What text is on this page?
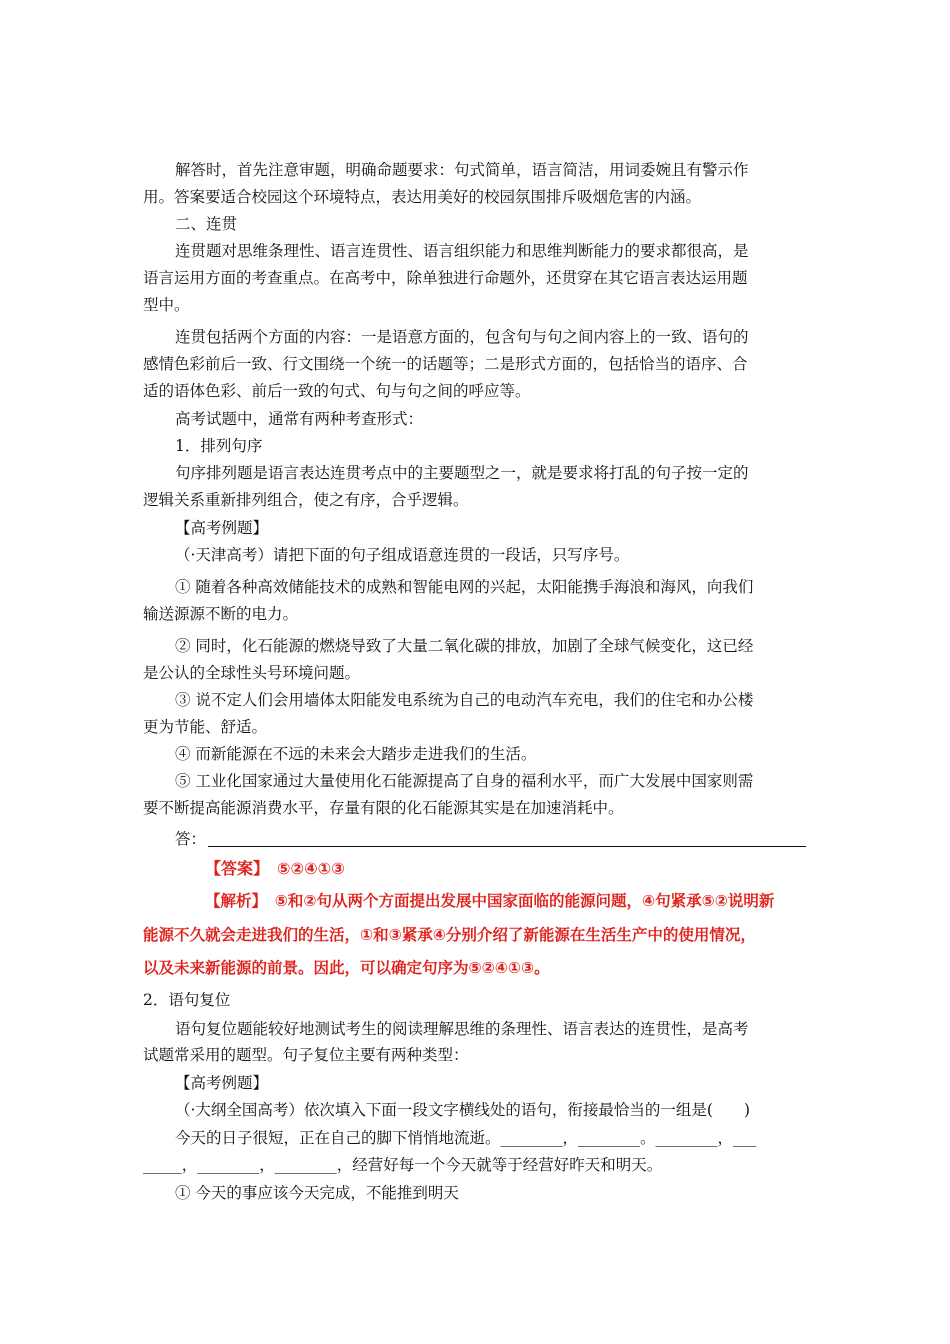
解答时，首先注意审题，明确命题要求：句式简单，语言简洁，用词委婉且有警示作
用。答案要适合校园这个环境特点，表达用美好的校园氛围排斥吸烟危害的内涵。
二、连贯
连贯题对思维条理性、语言连贯性、语言组织能力和思维判断能力的要求都很高，是
语言运用方面的考查重点。在高考中，除单独进行命题外，还贯穿在其它语言表达运用题
型中。
连贯包括两个方面的内容：一是语意方面的，包含句与句之间内容上的一致、语句的
感情色彩前后一致、行文围绕一个统一的话题等；二是形式方面的，包括恰当的语序、合
适的语体色彩、前后一致的句式、句与句之间的呼应等。
高考试题中，通常有两种考查形式：
1．排列句序
句序排列题是语言表达连贯考点中的主要题型之一，就是要求将打乱的句子按一定的
逻辑关系重新排列组合，使之有序，合乎逻辑。
【高考例题】
（·天津高考）请把下面的句子组成语意连贯的一段话，只写序号。
① 随着各种高效储能技术的成熟和智能电网的兴起，太阳能携手海浪和海风，向我们
输送源源不断的电力。
② 同时，化石能源的燃烧导致了大量二氧化碳的排放，加剧了全球气候变化，这已经
是公认的全球性头号环境问题。
③ 说不定人们会用墙体太阳能发电系统为自己的电动汽车充电，我们的住宅和办公楼
更为节能、舒适。
④ 而新能源在不远的未来会大踏步走进我们的生活。
⑤ 工业化国家通过大量使用化石能源提高了自身的福利水平，而广大发展中国家则需
要不断提高能源消费水平，存量有限的化石能源其实是在加速消耗中。
答：
【答案】　⑤②④①③
【解析】　⑤和②句从两个方面提出发展中国家面临的能源问题，④句紧承⑤②说明新
能源不久就会走进我们的生活，①和③紧承④分别介绍了新能源在生活生产中的使用情况，
以及未来新能源的前景。因此，可以确定句序为⑤②④①③。
2．语句复位
语句复位题能较好地测试考生的阅读理解思维的条理性、语言表达的连贯性，是高考
试题常采用的题型。句子复位主要有两种类型：
【高考例题】
（·大纲全国高考）依次填入下面一段文字横线处的语句，衔接最恰当的一组是(　　)
今天的日子很短，正在自己的脚下悄悄地流逝。________，________。________，___
_____，________，________，经营好每一个今天就等于经营好昨天和明天。
① 今天的事应该今天完成，不能推到明天
